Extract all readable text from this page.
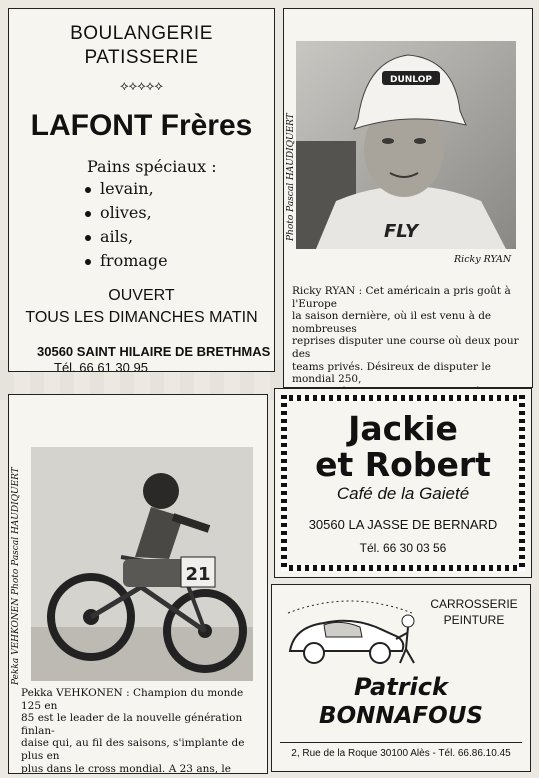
BOULANGERIE
PATISSERIE
⟡⟡⟡⟡⟡
LAFONT Frères
Pains spéciaux :
levain,
olives,
ails,
fromage
OUVERT
TOUS LES DIMANCHES MATIN
30560 SAINT HILAIRE DE BRETHMAS
Tél. 66 61 30 95
FLY
DUNLOP
Photo Pascal HAUDIQUERT
Ricky RYAN
Ricky RYAN : Cet américain a pris goût à l'Europe
la saison dernière, où il est venu à de nombreuses
reprises disputer une course où deux pour des
teams privés. Désireux de disputer le mondial 250,
21
Photo Pascal HAUDIQUERT
Pekka VEHKONEN
Pekka VEHKONEN : Champion du monde 125 en
85 est le leader de la nouvelle génération finlan-
daise qui, au fil des saisons, s'implante de plus en
plus dans le cross mondial. A 23 ans, le
Jackie
et Robert
Café de la Gaieté
30560 LA JASSE DE BERNARD
Tél. 66 30 03 56
CARROSSERIE
PEINTURE
Patrick
BONNAFOUS
2, Rue de la Roque 30100 Alès - Tél. 66.86.10.45
